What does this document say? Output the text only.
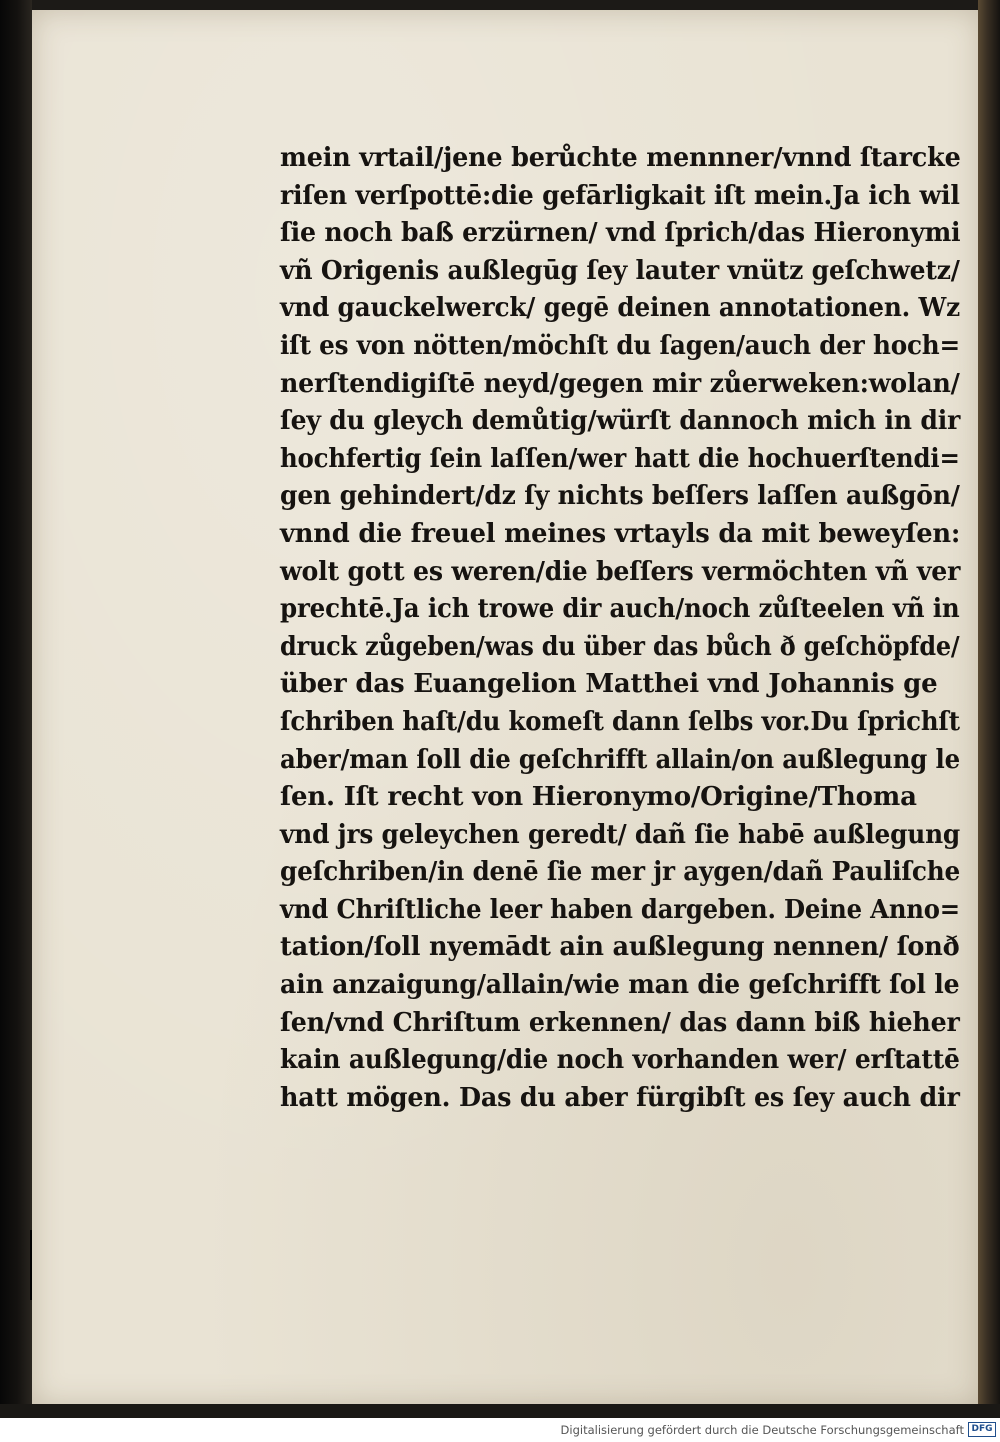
mein vrtail/jene berůchte mennner/vnnd ſtarcke
riſen verſpottē:die gefārligkait iſt mein.Ja ich wil
ſie noch baß erzürnen/ vnd ſprich/das Hieronymi
vñ Origenis außlegūg ſey lauter vnütz geſchwetz/
vnd gauckelwerck/ gegē deinen annotationen. Wz
iſt es von nötten/möchſt du ſagen/auch der hoch=
nerſtendigiſtē neyd/gegen mir zůerweken:wolan/
ſey du gleych demůtig/würſt dannoch mich in dir
hochfertig ſein laſſen/wer hatt die hochuerſtendi=
gen gehindert/dz ſy nichts beſſers laſſen außgōn/
vnnd die freuel meines vrtayls da mit beweyſen:
wolt gott es weren/die beſſers vermöchten vñ ver
prechtē.Ja ich trowe dir auch/noch zůſteelen vñ in
druck zůgeben/was du über das bůch ð geſchöpfde/
über das Euangelion Matthei vnd Johannis ge
ſchriben haſt/du komeſt dann ſelbs vor.Du ſprichſt
aber/man ſoll die geſchrifft allain/on außlegung le
ſen. Iſt recht von Hieronymo/Origine/Thoma
vnd jrs geleychen geredt/ dañ ſie habē außlegung
geſchriben/in denē ſie mer jr aygen/dañ Pauliſche
vnd Chriſtliche leer haben dargeben. Deine Anno=
tation/ſoll nyemādt ain außlegung nennen/ ſonð
ain anzaigung/allain/wie man die geſchrifft ſol le
ſen/vnd Chriſtum erkennen/ das dann biß hieher
kain außlegung/die noch vorhanden wer/ erſtattē
hatt mögen. Das du aber fürgibſt es ſey auch dir
Digitalisierung gefördert durch die Deutsche Forschungsgemeinschaft DFG
